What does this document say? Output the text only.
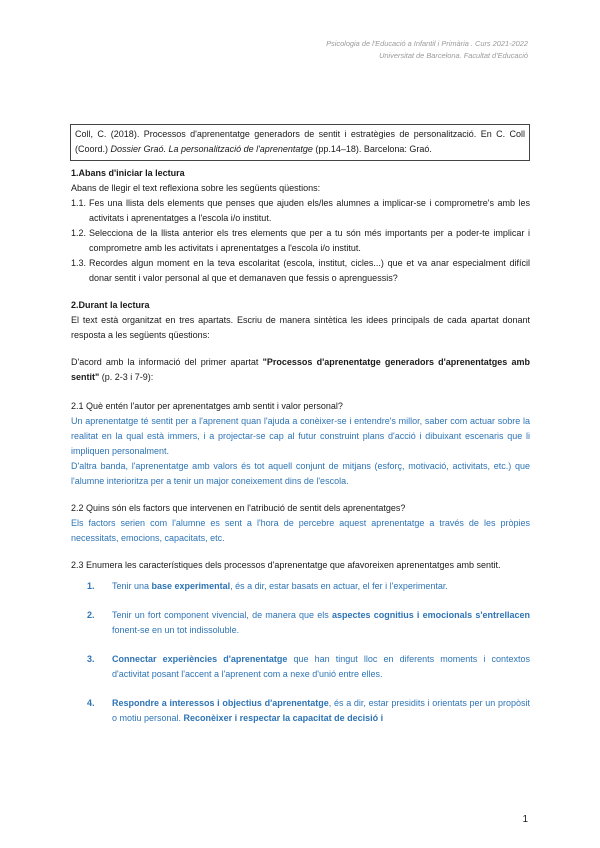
Psicologia de l'Educació a Infantil i Primària . Curs 2021-2022
Universitat de Barcelona. Facultat d'Educació
Coll, C. (2018). Processos d'aprenentatge generadors de sentit i estratègies de personalització. En C. Coll (Coord.) Dossier Graó. La personalització de l'aprenentatge (pp.14–18). Barcelona: Graó.
1.Abans d'iniciar la lectura
Abans de llegir el text reflexiona sobre les següents qüestions:
1.1. Fes una llista dels elements que penses que ajuden els/les alumnes a implicar-se i comprometre's amb les activitats i aprenentatges a l'escola i/o institut.
1.2. Selecciona de la llista anterior els tres elements que per a tu són més importants per a poder-te implicar i comprometre amb les activitats i aprenentatges a l'escola i/o institut.
1.3. Recordes algun moment en la teva escolaritat (escola, institut, cicles...) que et va anar especialment difícil donar sentit i valor personal al que et demanaven que fessis o aprenguessis?
2.Durant la lectura
El text està organitzat en tres apartats. Escriu de manera sintètica les idees principals de cada apartat donant resposta a les següents qüestions:
D'acord amb la informació del primer apartat "Processos d'aprenentatge generadors d'aprenentatges amb sentit" (p. 2-3 i 7-9):
2.1 Què entén l'autor per aprenentatges amb sentit i valor personal?
Un aprenentatge té sentit per a l'aprenent quan l'ajuda a conèixer-se i entendre's millor, saber com actuar sobre la realitat en la qual està immers, i a projectar-se cap al futur construint plans d'acció i dibuixant escenaris que li impliquen personalment.
D'altra banda, l'aprenentatge amb valors és tot aquell conjunt de mitjans (esforç, motivació, activitats, etc.) que l'alumne interioritza per a tenir un major coneixement dins de l'escola.
2.2 Quins són els factors que intervenen en l'atribució de sentit dels aprenentatges?
Els factors serien com l'alumne es sent a l'hora de percebre aquest aprenentatge a través de les pròpies necessitats, emocions, capacitats, etc.
2.3 Enumera les característiques dels processos d'aprenentatge que afavoreixen aprenentatges amb sentit.
1.	Tenir una base experimental, és a dir, estar basats en actuar, el fer i l'experimentar.
2.	Tenir un fort component vivencial, de manera que els aspectes cognitius i emocionals s'entrellacen fonent-se en un tot indissoluble.
3.	Connectar experiències d'aprenentatge que han tingut lloc en diferents moments i contextos d'activitat posant l'accent a l'aprenent com a nexe d'unió entre elles.
4.	Respondre a interessos i objectius d'aprenentatge, és a dir, estar presidits i orientats per un propòsit o motiu personal. Reconèixer i respectar la capacitat de decisió i
1
